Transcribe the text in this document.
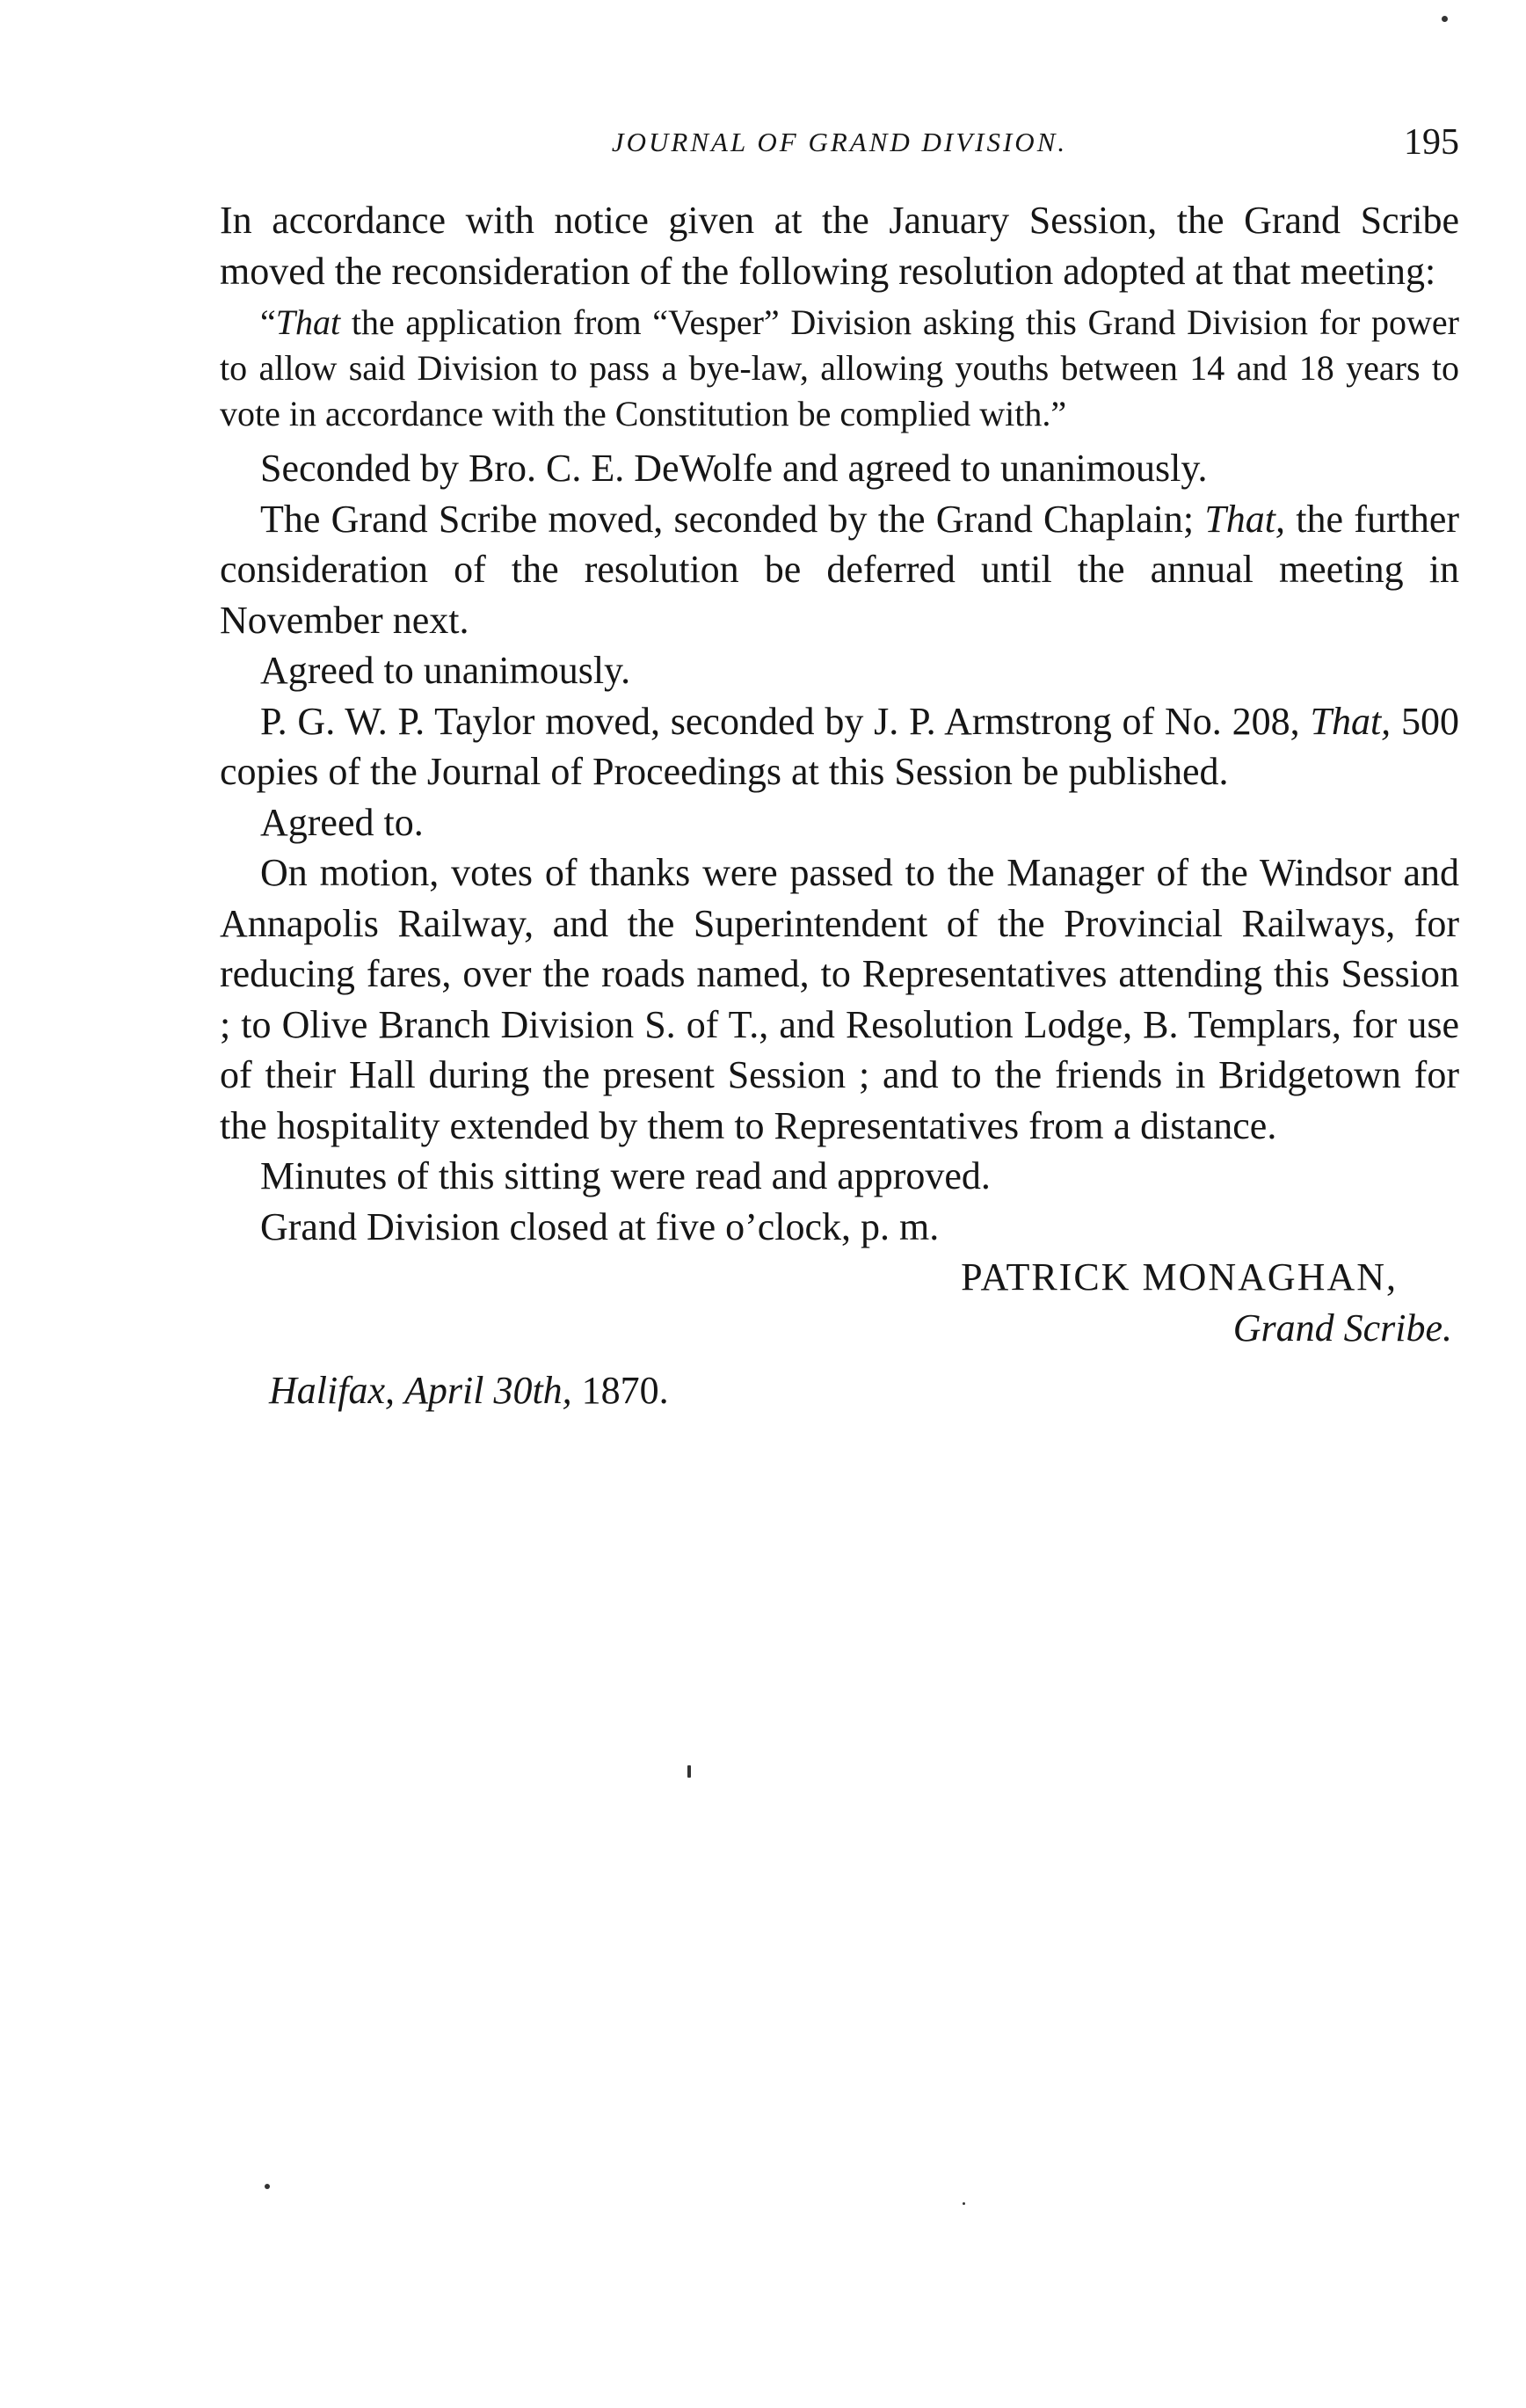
JOURNAL OF GRAND DIVISION.	195

In accordance with notice given at the January Session, the Grand Scribe moved the reconsideration of the following resolution adopted at that meeting:

“That the application from “Vesper” Division asking this Grand Division for power to allow said Division to pass a bye-law, allowing youths between 14 and 18 years to vote in accordance with the Constitution be complied with.”

Seconded by Bro. C. E. DeWolfe and agreed to unanimously.

The Grand Scribe moved, seconded by the Grand Chaplain; That, the further consideration of the resolution be deferred until the annual meeting in November next.

Agreed to unanimously.

P. G. W. P. Taylor moved, seconded by J. P. Armstrong of No. 208, That, 500 copies of the Journal of Proceedings at this Session be published.

Agreed to.

On motion, votes of thanks were passed to the Manager of the Windsor and Annapolis Railway, and the Superintendent of the Provincial Railways, for reducing fares, over the roads named, to Representatives attending this Session ; to Olive Branch Division S. of T., and Resolution Lodge, B. Templars, for use of their Hall during the present Session ; and to the friends in Bridgetown for the hospitality extended by them to Representatives from a distance.

Minutes of this sitting were read and approved.

Grand Division closed at five o’clock, p. m.

PATRICK MONAGHAN,

Grand Scribe.

Halifax, April 30th, 1870.
